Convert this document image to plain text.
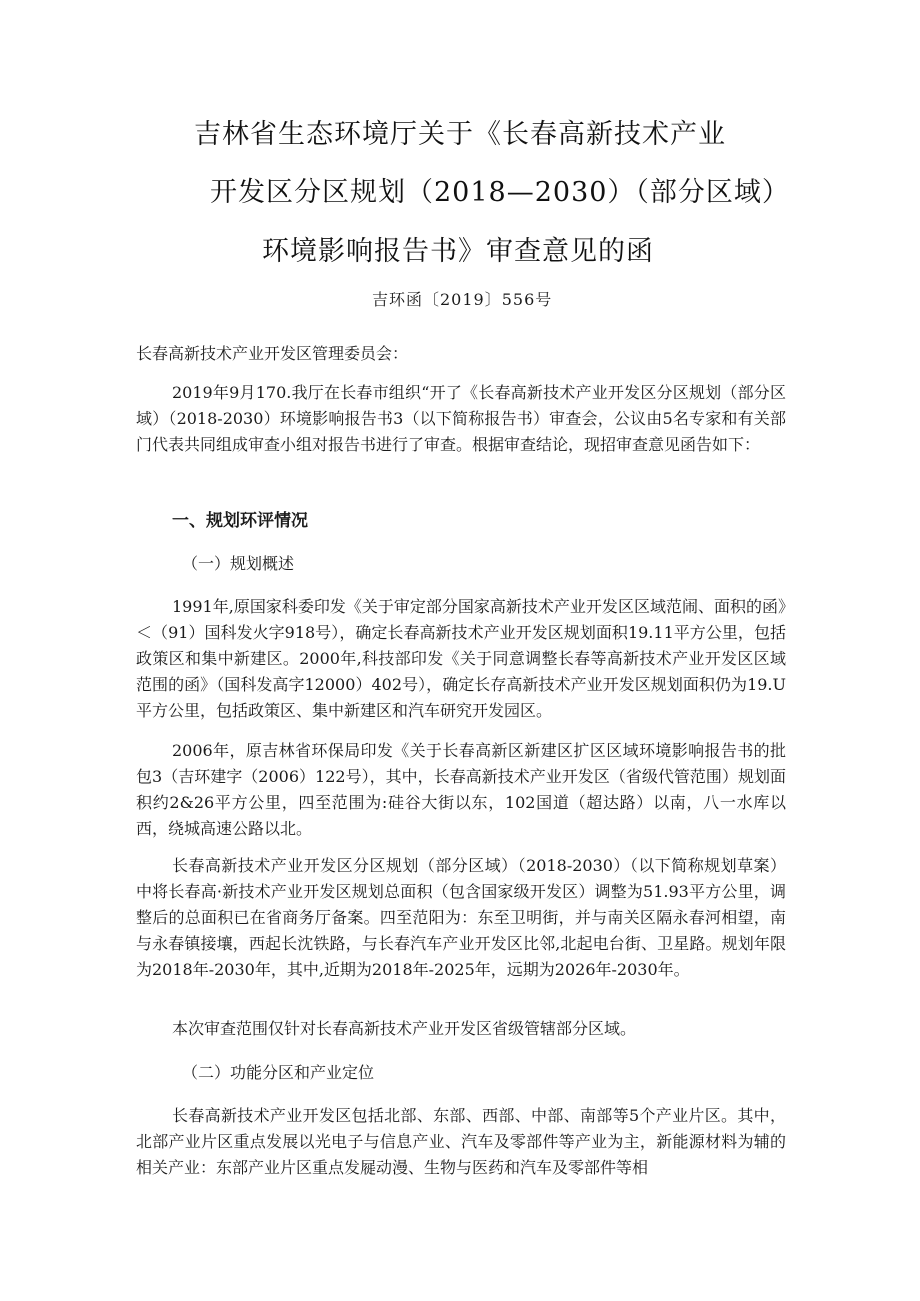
吉林省生态环境厅关于《长春高新技术产业
开发区分区规划（2018—2030）（部分区域）
环境影响报告书》审查意见的函
吉环函〔2019〕556号
长春高新技术产业开发区管理委员会：

2019年9月170.我厅在长春市组织“开了《长春高新技术产业开发区分区规划（部分区域）（2018-2030）环境影响报告书3（以下简称报告书）审查会，公议由5名专家和有关部门代表共同组成审查小组对报告书进行了审查。根据审查结论，现招审查意见函告如下：

一、规划环评情况
（一）规划概述

1991年,原国家科委印发《关于审定部分国家高新技术产业开发区区域范闹、面积的函》＜（91）国科发火字918号），确定长春高新技术产业开发区规划面积19.11平方公里，包括政策区和集中新建区。2000年,科技部印发《关于同意调整长春等高新技术产业开发区区域范围的函》（国科发高字12000）402号），确定长存高新技术产业开发区规划面积仍为19.U平方公里，包括政策区、集中新建区和汽车研究开发园区。

2006年，原吉林省环保局印发《关于长春高新区新建区扩区区域环境影响报告书的批包3（吉环建字（2006）122号），其中，长春高新技术产业开发区（省级代管范围）规划面积约2&26平方公里，四至范围为:硅谷大街以东，102国道（超达路）以南，八一水库以西，绕城高速公路以北。

长春高新技术产业开发区分区规划（部分区域）（2018-2030）（以下简称规划草案）中将长春高·新技术产业开发区规划总面积（包含国家级开发区）调整为51.93平方公里，调整后的总面积已在省商务厅备案。四至范阳为：东至卫明街，并与南关区隔永春河相望，南与永春镇接壤，西起长沈铁路，与长春汽车产业开发区比邻,北起电台街、卫星路。规划年限为2018年-2030年，其中,近期为2018年-2025年，远期为2026年-2030年。

本次审查范围仅针对长春高新技术产业开发区省级管辖部分区域。

（二）功能分区和产业定位

长春高新技术产业开发区包括北部、东部、西部、中部、南部等5个产业片区。其中，北部产业片区重点发展以光电子与信息产业、汽车及零部件等产业为主，新能源材料为辅的相关产业：东部产业片区重点发屣动漫、生物与医药和汽车及零部件等相
